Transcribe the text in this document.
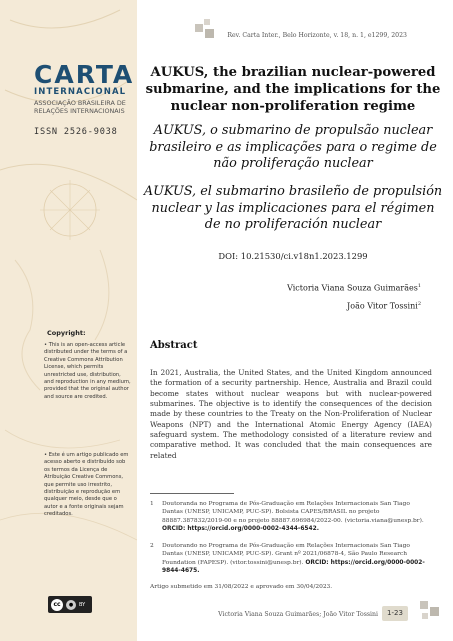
CARTA
INTERNACIONAL
ASSOCIAÇÃO BRASILEIRA DE
RELAÇÕES INTERNACIONAIS
ISSN 2526-9038
Copyright:

• This is an open-access article distributed under the terms of a Creative Commons Attribution License, which permits unrestricted use, distribution, and reproduction in any medium, provided that the original author and source are credited.

• Este é um artigo publicado em acesso aberto e distribuído sob os termos da Licença de Atribuição Creative Commons, que permite uso irrestrito, distribuição e reprodução em qualquer meio, desde que o autor e a fonte originais sejam creditados.

cc	●	BY
Rev. Carta Inter., Belo Horizonte, v. 18, n. 1, e1299, 2023
AUKUS, the brazilian nuclear-powered submarine, and the implications for the nuclear non-proliferation regime
AUKUS, o submarino de propulsão nuclear brasileiro e as implicações para o regime de não proliferação nuclear
AUKUS, el submarino brasileño de propulsión nuclear y las implicaciones para el régimen de no proliferación nuclear
DOI: 10.21530/ci.v18n1.2023.1299
Victoria Viana Souza Guimarães$^1$
João Vitor Tossini$^2$
Abstract

In 2021, Australia, the United States, and the United Kingdom announced the formation of a security partnership. Hence, Australia and Brazil could become states without nuclear weapons but with nuclear-powered submarines. The objective is to identify the consequences of the decision made by these countries to the Treaty on the Non-Proliferation of Nuclear Weapons (NPT) and the International Atomic Energy Agency (IAEA) safeguard system. The methodology consisted of a literature review and comparative method. It was concluded that the main consequences are related

1 Doutoranda no Programa de Pós-Graduação em Relações Internacionais San Tiago Dantas (UNESP, UNICAMP, PUC-SP). Bolsista CAPES/BRASIL no projeto 88887.387832/2019-00 e no projeto 88887.696984/2022-00. (victoria.viana@unesp.br). ORCID: https://orcid.org/0000-0002-4344-6542.
2 Doutorando no Programa de Pós-Graduação em Relações Internacionais San Tiago Dantas (UNESP, UNICAMP, PUC-SP). Grant nº 2021/06878-4, São Paulo Research Foundation (FAPESP). (vitor.tossini@unesp.br). ORCID: https://orcid.org/0000-0002-9844-4675.
Artigo submetido em 31/08/2022 e aprovado em 30/04/2023.
Victoria Viana Souza Guimarães; João Vitor Tossini	1-23
